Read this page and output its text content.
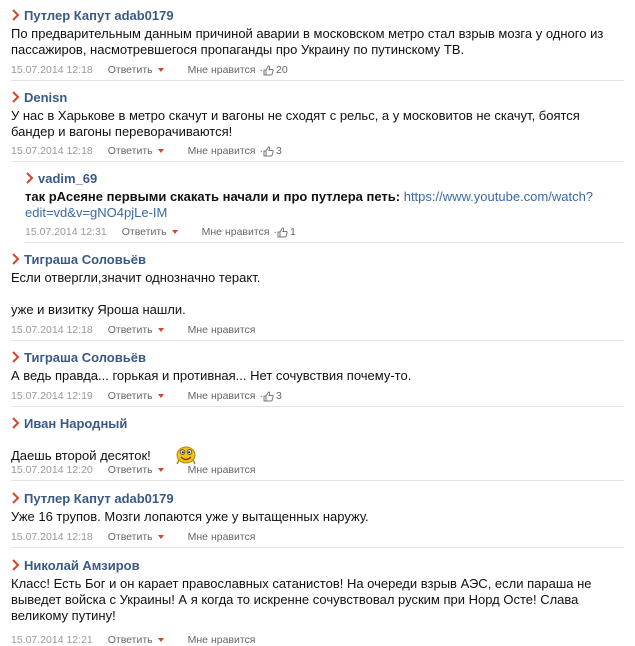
Путлер Капут adab0179
По предварительным данным причиной аварии в московском метро стал взрыв мозга у одного из пассажиров, насмотревшегося пропаганды про Украину по путинскому ТВ.
15.07.2014 12:18 Ответить	Мне нравится · 20
Denisn
У нас в Харькове в метро скачут и вагоны не сходят с рельс, а у московитов не скачут, боятся бандер и вагоны переворачиваются!
15.07.2014 12:18 Ответить	Мне нравится · 3
vadim_69
так рАсеяне первыми скакать начали и про путлера петь: https://www.youtube.com/watch?edit=vd&v=gNO4pjLe-IM
15.07.2014 12:31 Ответить	Мне нравится · 1
Тиграша Соловьёв
Если отвергли,значит однозначно теракт.
уже и визитку Яроша нашли.
15.07.2014 12:18 Ответить	Мне нравится
Тиграша Соловьёв
А ведь правда... горькая и противная... Нет сочувствия почему-то.
15.07.2014 12:19 Ответить	Мне нравится · 3
Иван Народный
Даешь второй десяток!
15.07.2014 12:20 Ответить	Мне нравится
Путлер Капут adab0179
Уже 16 трупов. Мозги лопаются уже у вытащенных наружу.
15.07.2014 12:18 Ответить	Мне нравится
Николай Амзиров
Класс! Есть Бог и он карает православных сатанистов! На очереди взрыв АЭС, если параша не выведет войска с Украины! А я когда то искренне сочувствовал руским при Норд Осте! Слава великому путину!
15.07.2014 12:21 Ответить	Мне нравится
